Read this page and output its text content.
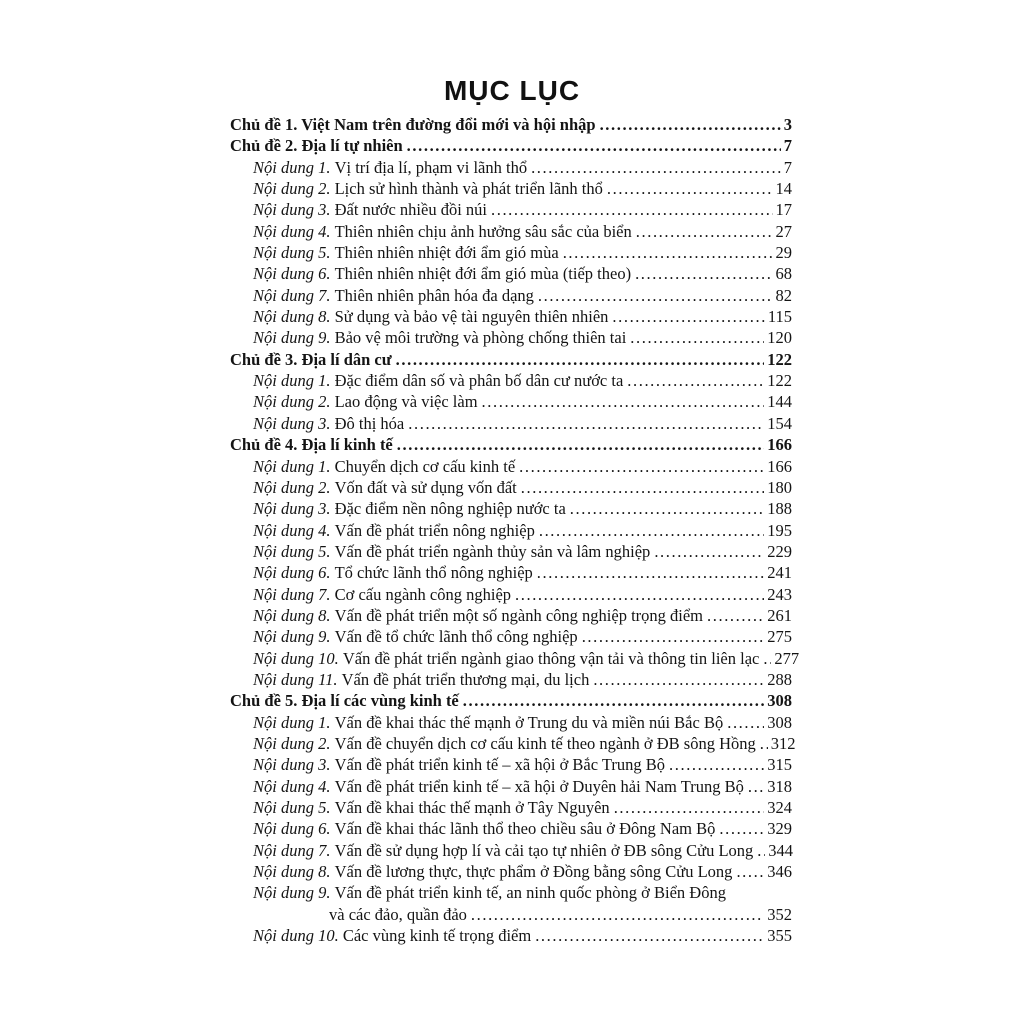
MỤC LỤC
Chủ đề 1. Việt Nam trên đường đổi mới và hội nhập .....	3
Chủ đề 2. Địa lí tự nhiên .....	7
Nội dung 1. Vị trí địa lí, phạm vi lãnh thổ .....	7
Nội dung 2. Lịch sử hình thành và phát triển lãnh thổ .....	14
Nội dung 3. Đất nước nhiều đồi núi .....	17
Nội dung 4. Thiên nhiên chịu ảnh hưởng sâu sắc của biển .....	27
Nội dung 5. Thiên nhiên nhiệt đới ẩm gió mùa .....	29
Nội dung 6. Thiên nhiên nhiệt đới ẩm gió mùa (tiếp theo) .....	68
Nội dung 7. Thiên nhiên phân hóa đa dạng .....	82
Nội dung 8. Sử dụng và bảo vệ tài nguyên thiên nhiên .....	115
Nội dung 9. Bảo vệ môi trường và phòng chống thiên tai .....	120
Chủ đề 3. Địa lí dân cư .....	122
Nội dung 1. Đặc điểm dân số và phân bố dân cư nước ta .....	122
Nội dung 2. Lao động và việc làm .....	144
Nội dung 3. Đô thị hóa .....	154
Chủ đề 4. Địa lí kinh tế .....	166
Nội dung 1. Chuyển dịch cơ cấu kinh tế .....	166
Nội dung 2. Vốn đất và sử dụng vốn đất .....	180
Nội dung 3. Đặc điểm nền nông nghiệp nước ta .....	188
Nội dung 4. Vấn đề phát triển nông nghiệp .....	195
Nội dung 5. Vấn đề phát triển ngành thủy sản và lâm nghiệp .....	229
Nội dung 6. Tổ chức lãnh thổ nông nghiệp .....	241
Nội dung 7. Cơ cấu ngành công nghiệp .....	243
Nội dung 8. Vấn đề phát triển một số ngành công nghiệp trọng điểm .....	261
Nội dung 9. Vấn đề tổ chức lãnh thổ công nghiệp .....	275
Nội dung 10. Vấn đề phát triển ngành giao thông vận tải và thông tin liên lạc ..... 277
Nội dung 11. Vấn đề phát triển thương mại, du lịch .....	288
Chủ đề 5. Địa lí các vùng kinh tế .....	308
Nội dung 1. Vấn đề khai thác thế mạnh ở Trung du và miền núi Bắc Bộ .....	308
Nội dung 2. Vấn đề chuyển dịch cơ cấu kinh tế theo ngành ở ĐB sông Hồng ..... 312
Nội dung 3. Vấn đề phát triển kinh tế – xã hội ở Bắc Trung Bộ .....	315
Nội dung 4. Vấn đề phát triển kinh tế – xã hội ở Duyên hải Nam Trung Bộ ..... 318
Nội dung 5. Vấn đề khai thác thế mạnh ở Tây Nguyên .....	324
Nội dung 6. Vấn đề khai thác lãnh thổ theo chiều sâu ở Đông Nam Bộ .....	329
Nội dung 7. Vấn đề sử dụng hợp lí và cải tạo tự nhiên ở ĐB sông Cửu Long ..... 344
Nội dung 8. Vấn đề lương thực, thực phẩm ở Đồng bằng sông Cửu Long ..... 346
Nội dung 9. Vấn đề phát triển kinh tế, an ninh quốc phòng ở Biển Đông
và các đảo, quần đảo .....	352
Nội dung 10. Các vùng kinh tế trọng điểm .....	355
